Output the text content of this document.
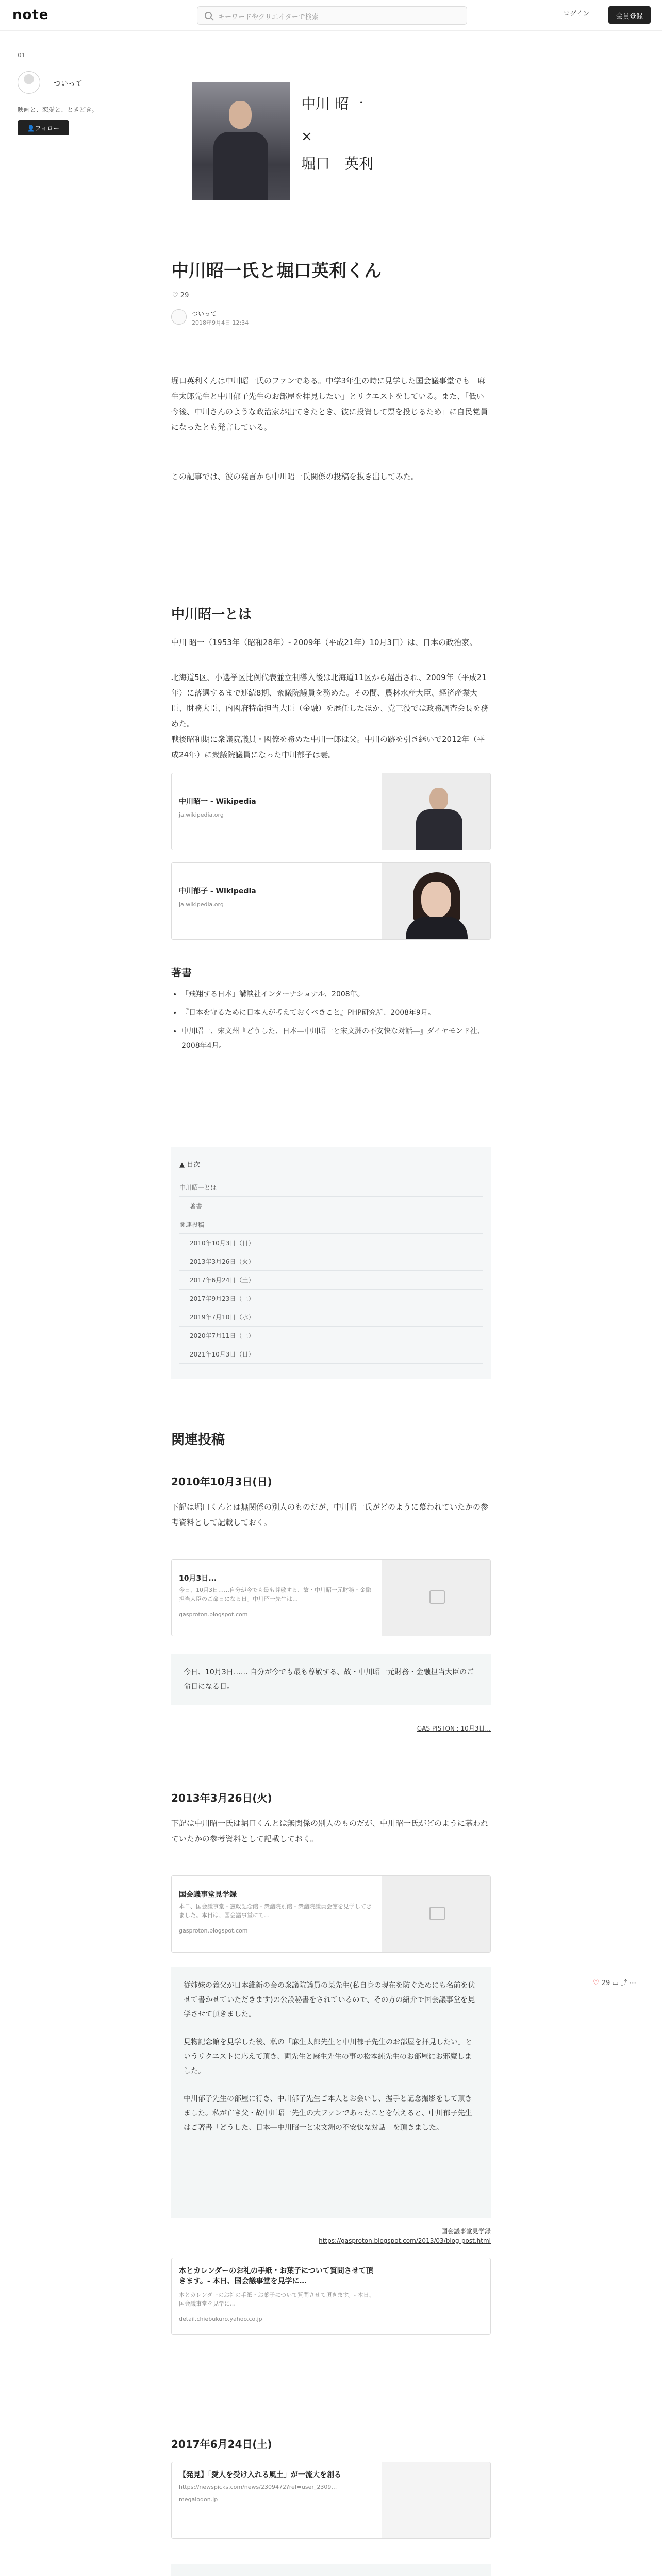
note	キーワードやクリエイターで検索	ログイン	会員登録
01
ついって
映画と、恋愛と、ときどき。
👤フォロー
中川 昭一
×
堀口　英利
中川昭一氏と堀口英利くん
♡ 29
ついって
2018年9月4日 12:34

堀口英利くんは中川昭一氏のファンである。中学3年生の時に見学した国会議事堂でも「麻生太郎先生と中川郁子先生のお部屋を拝見したい」とリクエストをしている。また、「低い今後、中川さんのような政治家が出てきたとき、彼に投資して票を投じるため」に自民党員になったとも発言している。

この記事では、彼の発言から中川昭一氏関係の投稿を抜き出してみた。

中川昭一とは

中川 昭一（1953年（昭和28年）- 2009年（平成21年）10月3日）は、日本の政治家。

北海道5区、小選挙区比例代表並立制導入後は北海道11区から選出され、2009年（平成21年）に落選するまで連続8期、衆議院議員を務めた。その間、農林水産大臣、経済産業大臣、財務大臣、内閣府特命担当大臣（金融）を歴任したほか、党三役では政務調査会長を務めた。

戦後昭和期に衆議院議員・閣僚を務めた中川一郎は父。中川の跡を引き継いで2012年（平成24年）に衆議院議員になった中川郁子は妻。

中川昭一 - Wikipedia
ja.wikipedia.org
中川郁子 - Wikipedia
ja.wikipedia.org
著書
• 「飛翔する日本」講談社インターナショナル、2008年。
• 『日本を守るために日本人が考えておくべきこと』PHP研究所、2008年9月。
• 中川昭一、宋文州『どうした、日本―中川昭一と宋文洲の不安快な対話―』ダイヤモンド社、2008年4月。
▲ 目次
中川昭一とは
著書
関連投稿
2010年10月3日（日）
2013年3月26日（火）
2017年6月24日（土）
2017年9月23日（土）
2019年7月10日（水）
2020年7月11日（土）
2021年10月3日（日）
関連投稿
2010年10月3日(日)

下記は堀口くんとは無関係の別人のものだが、中川昭一氏がどのように慕われていたかの参考資料として記載しておく。

10月3日...
今日、10月3日……自分が今でも最も尊敬する、故・中川昭一元財務・金融担当大臣のご命日になる日。中川昭一先生は…
gasproton.blogspot.com
今日、10月3日…… 自分が今でも最も尊敬する、故・中川昭一元財務・金融担当大臣のご命日になる日。
GAS PISTON : 10月3日...
2013年3月26日(火)

下記は中川昭一氏は堀口くんとは無関係の別人のものだが、中川昭一氏がどのように慕われていたかの参考資料として記載しておく。

国会議事堂見学録
本日、国会議事堂・憲政記念館・衆議院別館・衆議院議員会館を見学してきました。本日は、国会議事堂にて…
gasproton.blogspot.com
従姉妹の義父が日本維新の会の衆議院議員の某先生(私自身の現在を防ぐためにも名前を伏せて書かせていただきます)の公設秘書をされているので、その方の紹介で国会議事堂を見学させて頂きました。
見物記念館を見学した後、私の「麻生太郎先生と中川郁子先生のお部屋を拝見したい」というリクエストに応えて頂き、両先生と麻生先生の事の松本純先生のお部屋にお邪魔しました。
中川郁子先生の部屋に行き、中川郁子先生ご本人とお会いし、握手と記念撮影をして頂きました。私が亡き父・故中川昭一先生の大ファンであったことを伝えると、中川郁子先生はご著書「どうした、日本―中川昭一と宋文洲の不安快な対話」を頂きました。
国会議事堂見学録
https://gasproton.blogspot.com/2013/03/blog-post.html
本とカレンダーのお礼の手紙・お葉子について質問させて頂きます。- 本日、国会議事堂を見学に…
本とカレンダーのお礼の手紙・お葉子について質問させて頂きます。- 本日、国会議事堂を見学に…
detail.chiebukuro.yahoo.co.jp
2017年6月24日(土)
【発見】「愛人を受け入れる風土」が一流大を創る
https://newspicks.com/news/2309472?ref=user_2309…
megalodon.jp
♡ 29 ▭ ⤴ ⋯
